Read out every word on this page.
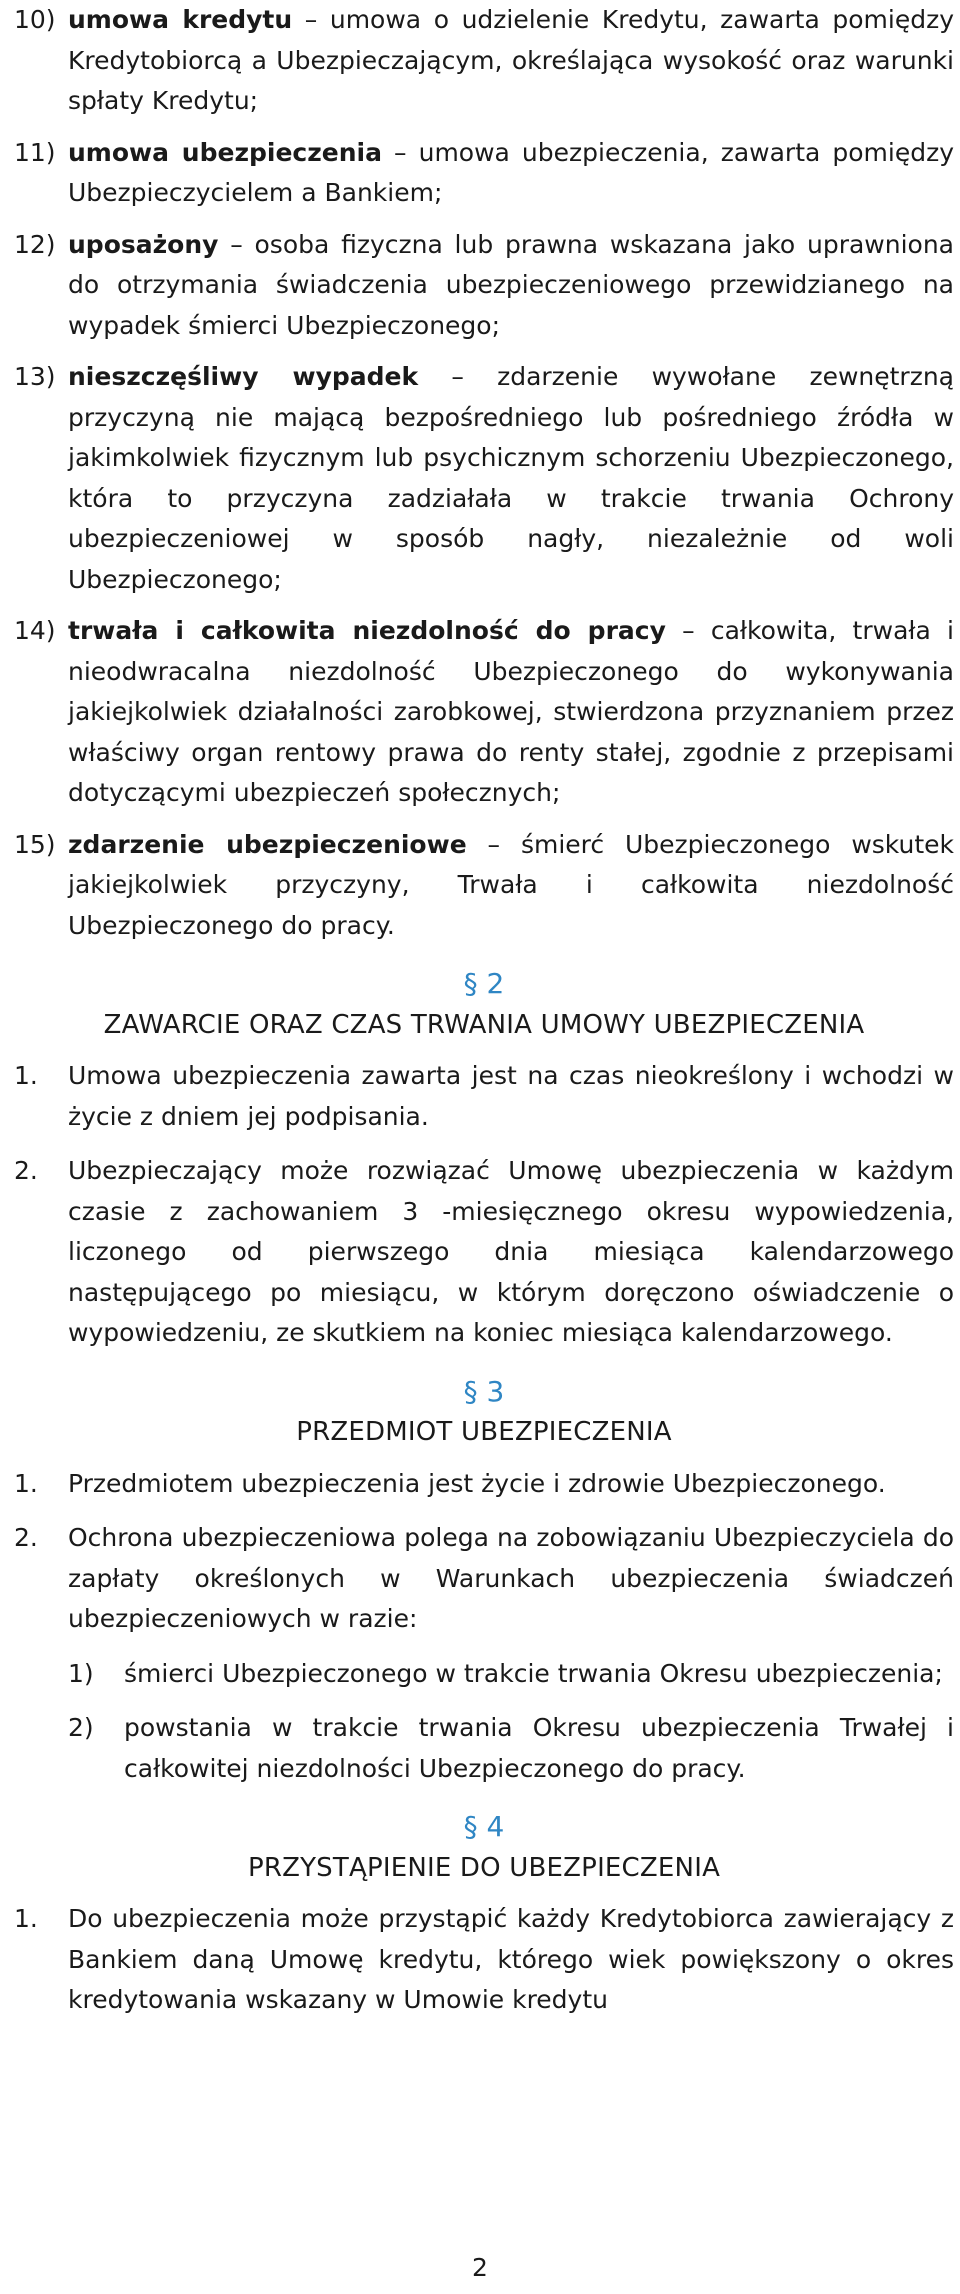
10) umowa kredytu – umowa o udzielenie Kredytu, zawarta pomiędzy Kredytobiorcą a Ubezpieczającym, określająca wysokość oraz warunki spłaty Kredytu;
11) umowa ubezpieczenia – umowa ubezpieczenia, zawarta pomiędzy Ubezpieczycielem a Bankiem;
12) uposażony – osoba fizyczna lub prawna wskazana jako uprawniona do otrzymania świadczenia ubezpieczeniowego przewidzianego na wypadek śmierci Ubezpieczonego;
13) nieszczęśliwy wypadek – zdarzenie wywołane zewnętrzną przyczyną nie mającą bezpośredniego lub pośredniego źródła w jakimkolwiek fizycznym lub psychicznym schorzeniu Ubezpieczonego, która to przyczyna zadziałała w trakcie trwania Ochrony ubezpieczeniowej w sposób nagły, niezależnie od woli Ubezpieczonego;
14) trwała i całkowita niezdolność do pracy – całkowita, trwała i nieodwracalna niezdolność Ubezpieczonego do wykonywania jakiejkolwiek działalności zarobkowej, stwierdzona przyznaniem przez właściwy organ rentowy prawa do renty stałej, zgodnie z przepisami dotyczącymi ubezpieczeń społecznych;
15) zdarzenie ubezpieczeniowe – śmierć Ubezpieczonego wskutek jakiejkolwiek przyczyny, Trwała i całkowita niezdolność Ubezpieczonego do pracy.
§ 2
ZAWARCIE ORAZ CZAS TRWANIA UMOWY UBEZPIECZENIA
1.	Umowa ubezpieczenia zawarta jest na czas nieokreślony i wchodzi w życie z dniem jej podpisania.
2.	Ubezpieczający może rozwiązać Umowę ubezpieczenia w każdym czasie z zachowaniem 3 -miesięcznego okresu wypowiedzenia, liczonego od pierwszego dnia miesiąca kalendarzowego następującego po miesiącu, w którym doręczono oświadczenie o wypowiedzeniu, ze skutkiem na koniec miesiąca kalendarzowego.
§ 3
PRZEDMIOT UBEZPIECZENIA
1.	Przedmiotem ubezpieczenia jest życie i zdrowie Ubezpieczonego.
2.	Ochrona ubezpieczeniowa polega na zobowiązaniu Ubezpieczyciela do zapłaty określonych w Warunkach ubezpieczenia świadczeń ubezpieczeniowych w razie:
1)	śmierci Ubezpieczonego w trakcie trwania Okresu ubezpieczenia;
2)	powstania w trakcie trwania Okresu ubezpieczenia Trwałej i całkowitej niezdolności Ubezpieczonego do pracy.
§ 4
PRZYSTĄPIENIE DO UBEZPIECZENIA
1.	Do ubezpieczenia może przystąpić każdy Kredytobiorca zawierający z Bankiem daną Umowę kredytu, którego wiek powiększony o okres kredytowania wskazany w Umowie kredytu
2
